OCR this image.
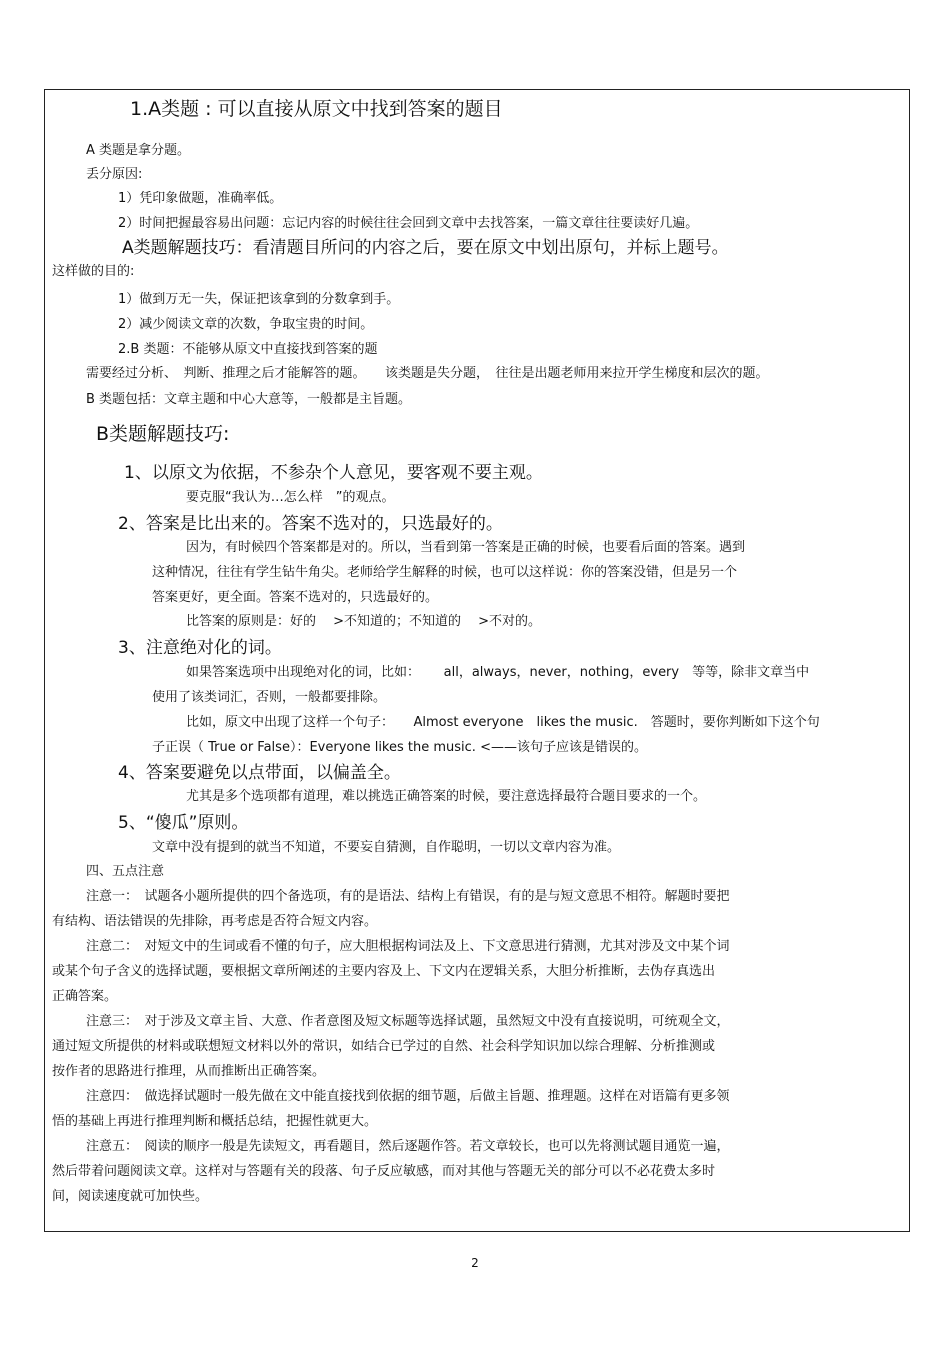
1.A类题 : 可以直接从原文中找到答案的题目
A 类题是拿分题。
丢分原因:
1）凭印象做题，准确率低。
2）时间把握最容易出问题：忘记内容的时候往往会回到文章中去找答案，一篇文章往往要读好几遍。
A类题解题技巧：看清题目所问的内容之后，要在原文中划出原句，并标上题号。
这样做的目的:
1）做到万无一失，保证把该拿到的分数拿到手。
2）减少阅读文章的次数，争取宝贵的时间。
2.B 类题：不能够从原文中直接找到答案的题
需要经过分析、　判断、推理之后才能解答的题。　　该类题是失分题，　往往是出题老师用来拉开学生梯度和层次的题。
B 类题包括：文章主题和中心大意等，一般都是主旨题。
B类题解题技巧:
1、以原文为依据，不参杂个人意见，要客观不要主观。
要克服“我认为…怎么样　”的观点。
2、答案是比出来的。答案不选对的，只选最好的。
因为，有时候四个答案都是对的。所以，当看到第一答案是正确的时候，也要看后面的答案。遇到
这种情况，往往有学生钻牛角尖。老师给学生解释的时候，也可以这样说：你的答案没错，但是另一个
答案更好，更全面。答案不选对的，只选最好的。
比答案的原则是：好的　 >不知道的；不知道的　 >不对的。
3、注意绝对化的词。
如果答案选项中出现绝对化的词，比如：　　 all，always，never，nothing，every　等等，除非文章当中
使用了该类词汇，否则，一般都要排除。
比如，原文中出现了这样一个句子：　　Almost everyone　likes the music.　答题时，要你判断如下这个句
子正误（ True or False）：Everyone likes the music. <——该句子应该是错误的。
4、答案要避免以点带面，以偏盖全。
尤其是多个选项都有道理，难以挑选正确答案的时候，要注意选择最符合题目要求的一个。
5、“傻瓜”原则。
文章中没有提到的就当不知道，不要妄自猜测，自作聪明，一切以文章内容为准。
四、五点注意
注意一：　试题各小题所提供的四个备选项，有的是语法、结构上有错误，有的是与短文意思不相符。解题时要把
有结构、语法错误的先排除，再考虑是否符合短文内容。
注意二：　对短文中的生词或看不懂的句子，应大胆根据构词法及上、下文意思进行猜测，尤其对涉及文中某个词
或某个句子含义的选择试题，要根据文章所阐述的主要内容及上、下文内在逻辑关系，大胆分析推断，去伪存真选出
正确答案。
注意三：　对于涉及文章主旨、大意、作者意图及短文标题等选择试题，虽然短文中没有直接说明，可统观全文，
通过短文所提供的材料或联想短文材料以外的常识，如结合已学过的自然、社会科学知识加以综合理解、分析推测或
按作者的思路进行推理，从而推断出正确答案。
注意四：　做选择试题时一般先做在文中能直接找到依据的细节题，后做主旨题、推理题。这样在对语篇有更多领
悟的基础上再进行推理判断和概括总结，把握性就更大。
注意五：　阅读的顺序一般是先读短文，再看题目，然后逐题作答。若文章较长，也可以先将测试题目通览一遍，
然后带着问题阅读文章。这样对与答题有关的段落、句子反应敏感，而对其他与答题无关的部分可以不必花费太多时
间，阅读速度就可加快些。
2
